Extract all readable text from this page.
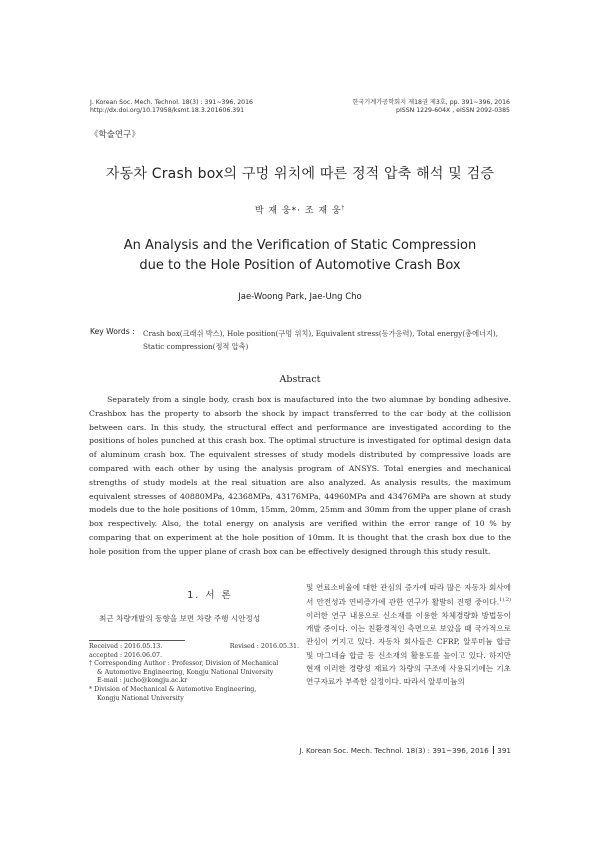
J. Korean Soc. Mech. Technol. 18(3) : 391∼396, 2016
http://dx.doi.org/10.17958/ksmt.18.3.201606.391
한국기계가공학회지 제18권 제3호, pp. 391∼396, 2016
pISSN 1229-604X , eISSN 2092-0385
《학술연구》
자동차 Crash box의 구멍 위치에 따른 정적 압축 해석 및 검증
박 재 웅*· 조 재 웅†
An Analysis and the Verification of Static Compression
due to the Hole Position of Automotive Crash Box
Jae-Woong Park, Jae-Ung Cho
Key Words : Crash box(크래쉬 박스), Hole position(구멍 위치), Equivalent stress(등가응력), Total energy(총에너지), Static compression(정적 압축)
Abstract
Separately from a single body, crash box is maufactured into the two alumnae by bonding adhesive. Crashbox has the property to absorb the shock by impact transferred to the car body at the collision between cars. In this study, the structural effect and performance are investigated according to the positions of holes punched at this crash box. The optimal structure is investigated for optimal design data of aluminum crash box. The equivalent stresses of study models distributed by compressive loads are compared with each other by using the analysis program of ANSYS. Total energies and mechanical strengths of study models at the real situation are also analyzed. As analysis results, the maximum equivalent stresses of 40880MPa, 42368MPa, 43176MPa, 44960MPa and 43476MPa are shown at study models due to the hole positions of 10mm, 15mm, 20mm, 25mm and 30mm from the upper plane of crash box respectively. Also, the total energy on analysis are verified within the error range of 10 % by comparing that on experiment at the hole position of 10mm. It is thought that the crash box due to the hole position from the upper plane of crash box can be effectively designed through this study result.
1. 서 론
최근 차량개발의 동향을 보면 차량 주행 시안정성
Received : 2016.05.13.	Revised : 2016.05.31.
accepted : 2016.06.07.
† Corresponding Author : Professor, Division of Mechanical
& Automotive Engineering, Kongju National University
E-mail : jucho@kongju.ac.kr
* Division of Mechanical & Automotive Engineering,
Kongju National University
및 연료소비율에 대한 관심의 증가에 따라 많은 자동차 회사에서 안전성과 연비증가에 관한 연구가 활발히 진행 중이다.$^{1),2)}$ 이러한 연구 내용으로 신소재를 이용한 차체경량화 방법등이 개발 중이다. 이는 친환경적인 측면으로 보았을 때 국가적으로 관심이 커지고 있다. 자동차 회사들은 CFRP, 알루미늄 합금 및 마그네슘 합금 등 신소재의 활용도를 높이고 있다. 하지만 현재 이러한 경량성 재료가 차량의 구조에 사용되기에는 기초연구자료가 부족한 실정이다. 따라서 알루미늄의
J. Korean Soc. Mech. Technol. 18(3) : 391∼396, 2016 391
